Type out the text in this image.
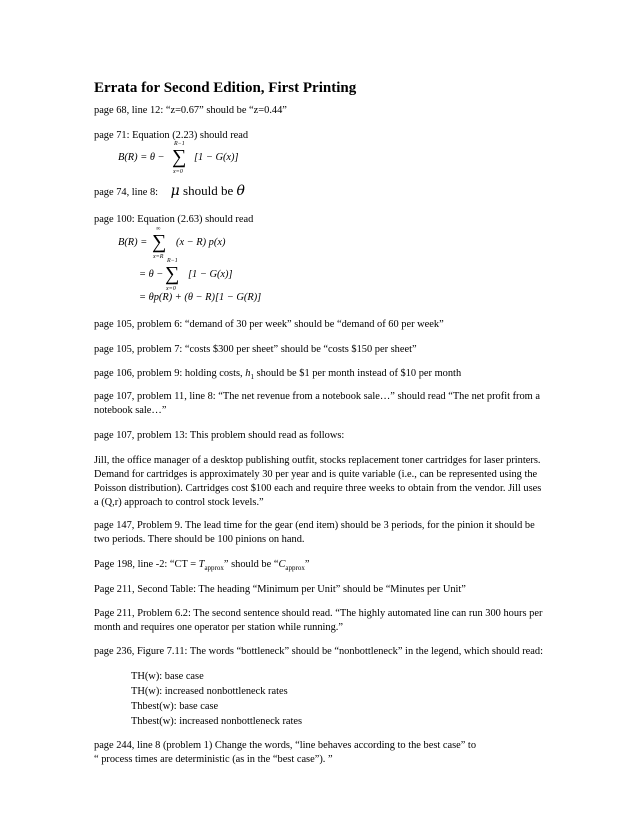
Errata for Second Edition, First Printing
page 68, line 12: “z=0.67” should be “z=0.44”
page 71: Equation (2.23) should read
B(R) = θ −
R−1
∑
x=0
[1 − G(x)]
page 74, line 8: μ should be θ
page 100: Equation (2.63) should read
B(R) =
∞
∑
x=R
(x − R) p(x)
= θ −
R−1
∑
x=0
[1 − G(x)]
= θp(R) + (θ − R)[1 − G(R)]
page 105, problem 6: “demand of 30 per week” should be “demand of 60 per week”
page 105, problem 7: “costs $300 per sheet” should be “costs $150 per sheet”
page 106, problem 9: holding costs, $h_1$ should be $1 per month instead of $10 per month
page 107, problem 11, line 8: “The net revenue from a notebook sale…” should read “The net profit from a notebook sale…”
page 107, problem 13: This problem should read as follows:
Jill, the office manager of a desktop publishing outfit, stocks replacement toner cartridges for laser printers. Demand for cartridges is approximately 30 per year and is quite variable (i.e., can be represented using the Poisson distribution). Cartridges cost $100 each and require three weeks to obtain from the vendor. Jill uses a (Q,r) approach to control stock levels.”
page 147, Problem 9. The lead time for the gear (end item) should be 3 periods, for the pinion it should be two periods. There should be 100 pinions on hand.
Page 198, line -2: “CT = $T_{approx}$” should be “$C_{approx}$”
Page 211, Second Table: The heading “Minimum per Unit” should be “Minutes per Unit”
Page 211, Problem 6.2: The second sentence should read. “The highly automated line can run 300 hours per month and requires one operator per station while running.”
page 236, Figure 7.11: The words “bottleneck” should be “nonbottleneck” in the legend, which should read:
TH(w): base case
TH(w): increased nonbottleneck rates
Thbest(w): base case
Thbest(w): increased nonbottleneck rates
page 244, line 8 (problem 1) Change the words, “line behaves according to the best case” to
“ process times are deterministic (as in the “best case”). ”
